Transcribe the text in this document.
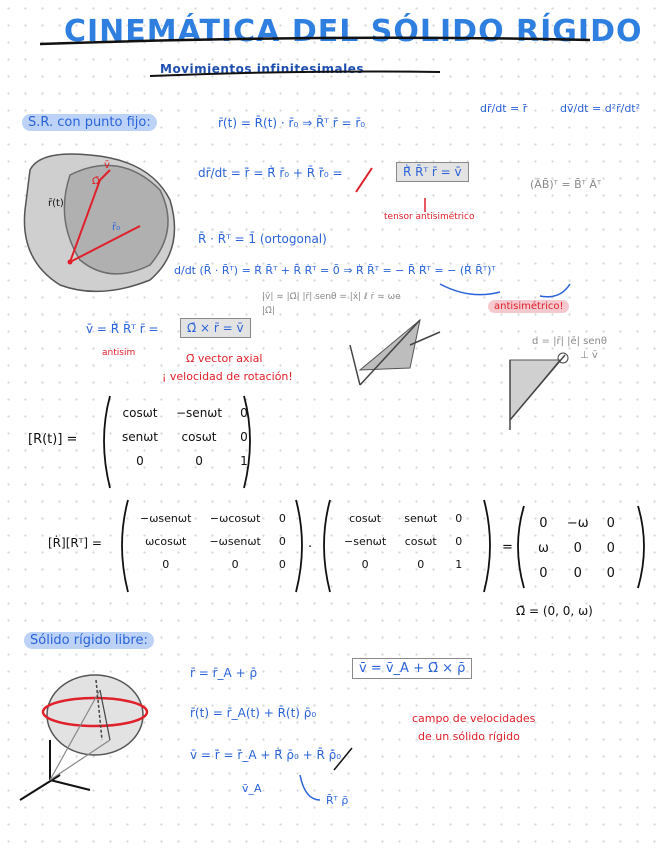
CINEMÁTICA DEL SÓLIDO RÍGIDO
Movimientos infinitesimales
S.R. con punto fijo:	r̄(t) = R̄(t) · r̄₀ ⇒ R̄ᵀ r̄ = r̄₀
dr̄/dt = ṙ̄	dv̄/dt = d²r̄/dt²
dr̄/dt = ṙ̄ = Ṙ̄ r̄₀ + R̄ ṙ̄₀ =	Ṙ̄ R̄ᵀ r̄ = v̄
tensor antisimétrico
(ĀB̄)ᵀ = B̄ᵀ Āᵀ
R̄ · R̄ᵀ = 1̄ (ortogonal)
d/dt (R̄ · R̄ᵀ) = Ṙ̄ R̄ᵀ + R̄ Ṙ̄ᵀ = 0̄ ⇒ Ṙ̄ R̄ᵀ = − R̄ Ṙ̄ᵀ = − (Ṙ̄ R̄ᵀ)ᵀ
antisimétrico!
|v̄| = |Ω̄| |r̄| senθ = |ẋ| ℓ ṙ = ωe
|Ω̄|
v̄ = Ṙ̄ R̄ᵀ r̄ =	Ω̄ × r̄ = v̄
antisim	Ω̄ vector axial
¡ velocidad de rotación!
d = |r̄| |ē| senθ
⊥ v̄
r̄(t)
r̄₀
v̄
Ω̄
[R(t)] =
cosωt	−senωt	0
senωt	cosωt	0
0	0	1
[Ṙ][Rᵀ] =
−ωsenωt	−ωcosωt	0
ωcosωt	−ωsenωt	0
0	0	0
·
cosωt	senωt	0
−senωt	cosωt	0
0	0	1
=
0	−ω	0
ω	0	0
0	0	0
Ω̄ = (0, 0, ω)
Sólido rígido libre:
r̄ = r̄_A + ρ̄
r̄(t) = r̄_A(t) + R̄(t) ρ̄₀
v̄ = ṙ̄ = ṙ̄_A + Ṙ̄ ρ̄₀ + R̄ ρ̄̇₀
v̄_A
R̄ᵀ ρ̄
v̄ = v̄_A + Ω̄ × ρ̄
campo de velocidades
de un sólido rígido
